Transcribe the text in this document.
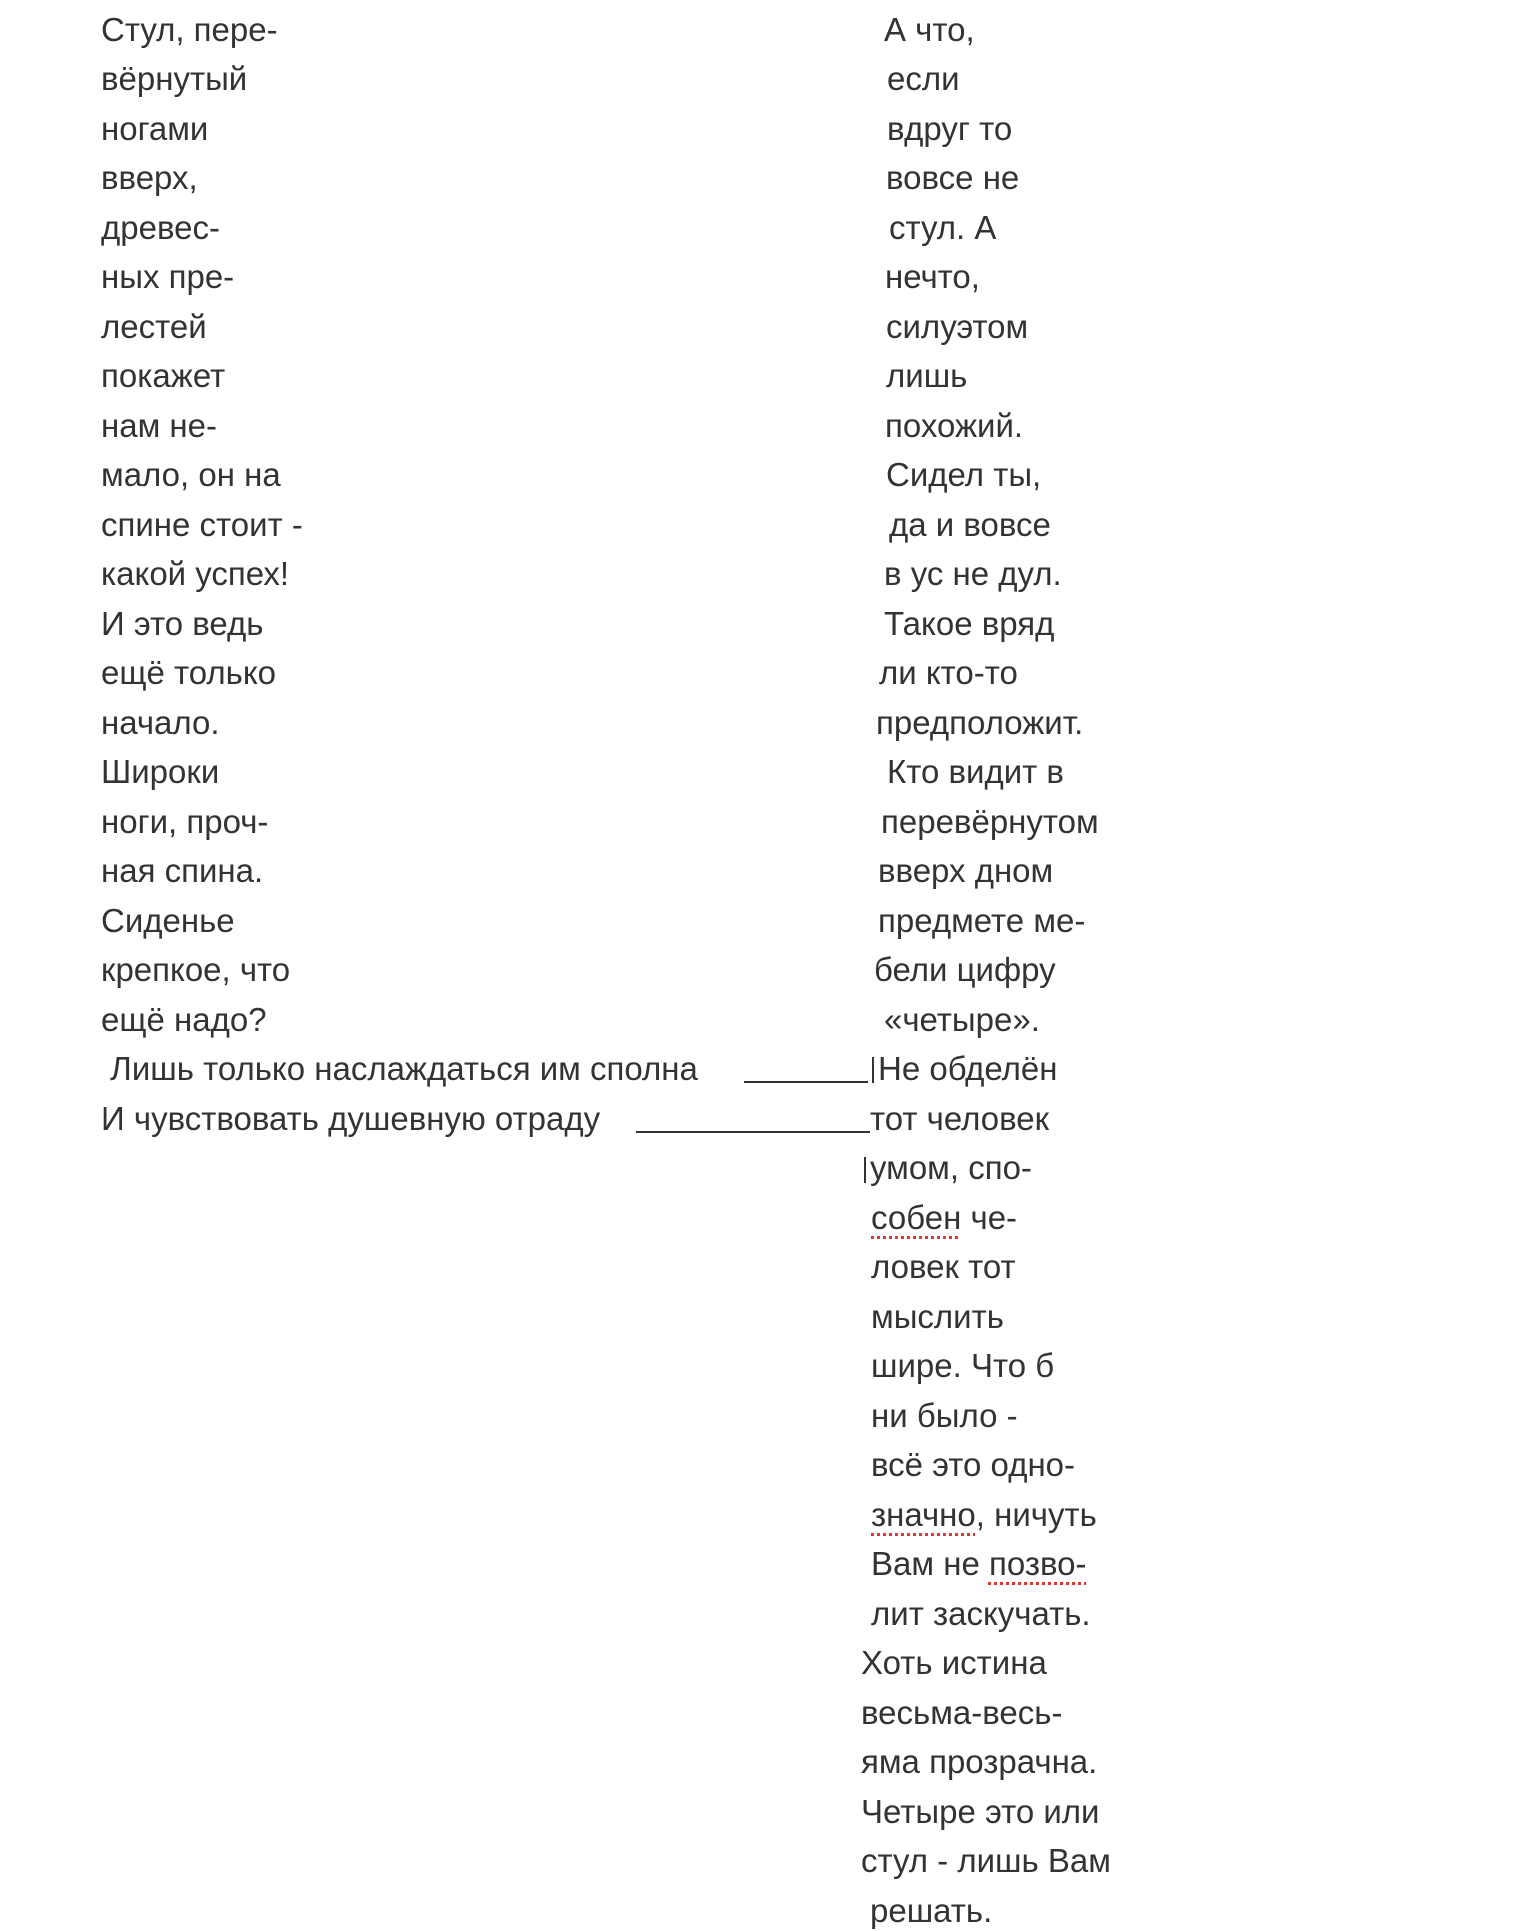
Стул, пере-
вёрнутый
ногами
вверх,
древес-
ных пре-
лестей
покажет
нам не-
мало, он на
спине стоит -
какой успех!
И это ведь
ещё только
начало.
Широки
ноги, проч-
ная спина.
Сиденье
крепкое, что
ещё надо?
Лишь только наслаждаться им сполна
И чувствовать душевную отраду
А что,
если
вдруг то
вовсе не
стул. А
нечто,
силуэтом
лишь
похожий.
Сидел ты,
да и вовсе
в ус не дул.
Такое вряд
ли кто-то
предположит.
Кто видит в
перевёрнутом
вверх дном
предмете ме-
бели цифру
«четыре».
Не обделён
тот человек
умом, спо-
собен че-
ловек тот
мыслить
шире. Что б
ни было -
всё это одно-
значно, ничуть
Вам не позво-
лит заскучать.
Хоть истина
весьма-весь-
яма прозрачна.
Четыре это или
стул - лишь Вам
решать.
